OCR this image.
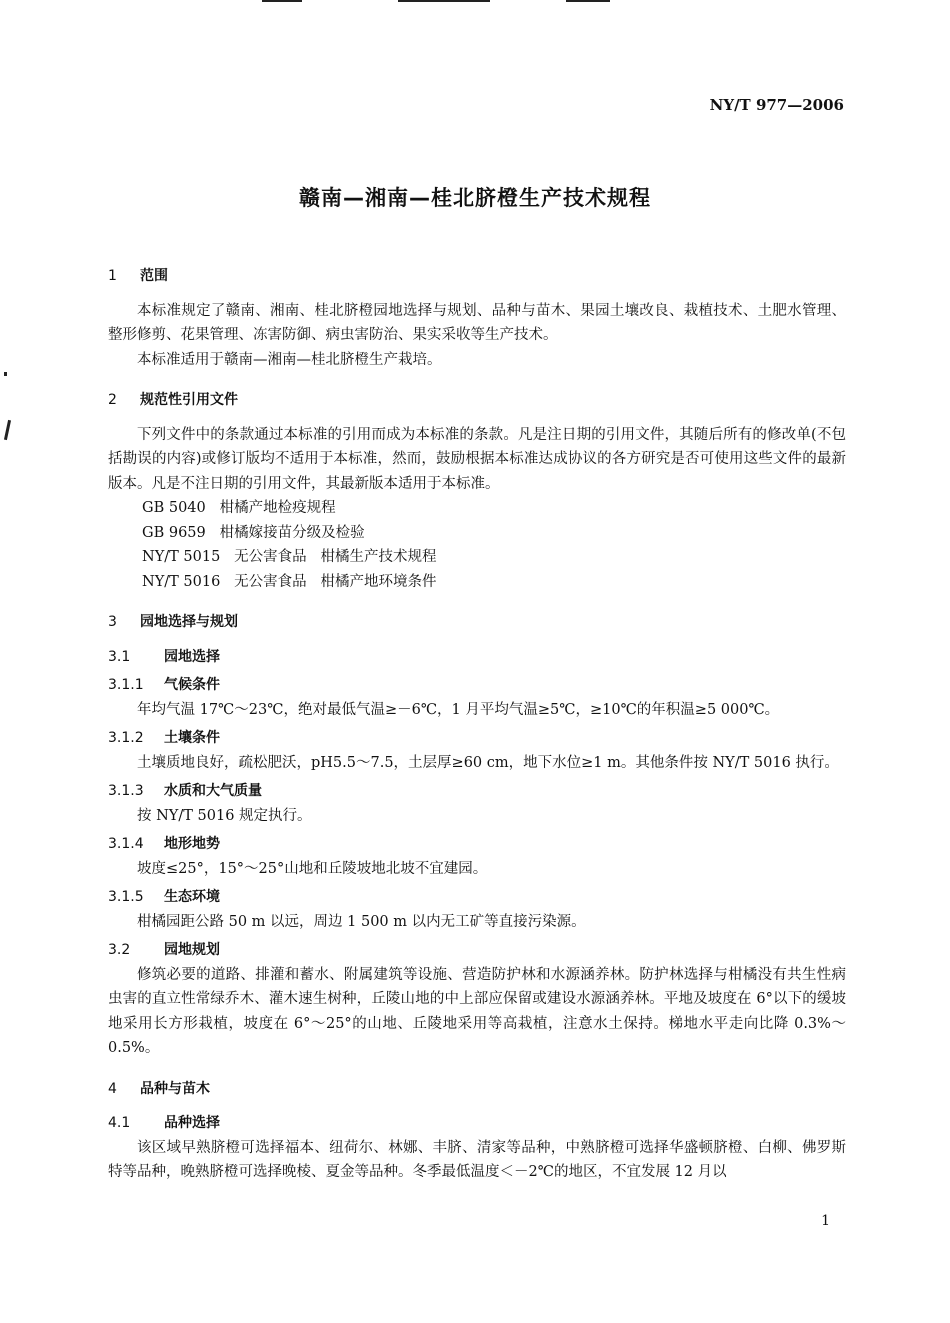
NY/T 977—2006
赣南—湘南—桂北脐橙生产技术规程
1 范围

本标准规定了赣南、湘南、桂北脐橙园地选择与规划、品种与苗木、果园土壤改良、栽植技术、土肥水管理、整形修剪、花果管理、冻害防御、病虫害防治、果实采收等生产技术。

本标准适用于赣南—湘南—桂北脐橙生产栽培。

2 规范性引用文件

下列文件中的条款通过本标准的引用而成为本标准的条款。凡是注日期的引用文件，其随后所有的修改单(不包括勘误的内容)或修订版均不适用于本标准，然而，鼓励根据本标准达成协议的各方研究是否可使用这些文件的最新版本。凡是不注日期的引用文件，其最新版本适用于本标准。

GB 5040   柑橘产地检疫规程

GB 9659   柑橘嫁接苗分级及检验

NY/T 5015   无公害食品   柑橘生产技术规程

NY/T 5016   无公害食品   柑橘产地环境条件

3 园地选择与规划
3.1 园地选择
3.1.1 气候条件

年均气温 17℃～23℃，绝对最低气温≥－6℃，1 月平均气温≥5℃，≥10℃的年积温≥5 000℃。

3.1.2 土壤条件

土壤质地良好，疏松肥沃，pH5.5～7.5，土层厚≥60 cm，地下水位≥1 m。其他条件按 NY/T 5016 执行。

3.1.3 水质和大气质量

按 NY/T 5016 规定执行。

3.1.4 地形地势

坡度≤25°，15°～25°山地和丘陵坡地北坡不宜建园。

3.1.5 生态环境

柑橘园距公路 50 m 以远，周边 1 500 m 以内无工矿等直接污染源。

3.2 园地规划

修筑必要的道路、排灌和蓄水、附属建筑等设施、营造防护林和水源涵养林。防护林选择与柑橘没有共生性病虫害的直立性常绿乔木、灌木速生树种，丘陵山地的中上部应保留或建设水源涵养林。平地及坡度在 6°以下的缓坡地采用长方形栽植，坡度在 6°～25°的山地、丘陵地采用等高栽植，注意水土保持。梯地水平走向比降 0.3%～0.5%。

4 品种与苗木
4.1 品种选择

该区域早熟脐橙可选择福本、纽荷尔、林娜、丰脐、清家等品种，中熟脐橙可选择华盛顿脐橙、白柳、佛罗斯特等品种，晚熟脐橙可选择晚棱、夏金等品种。冬季最低温度＜－2℃的地区，不宜发展 12 月以

1
